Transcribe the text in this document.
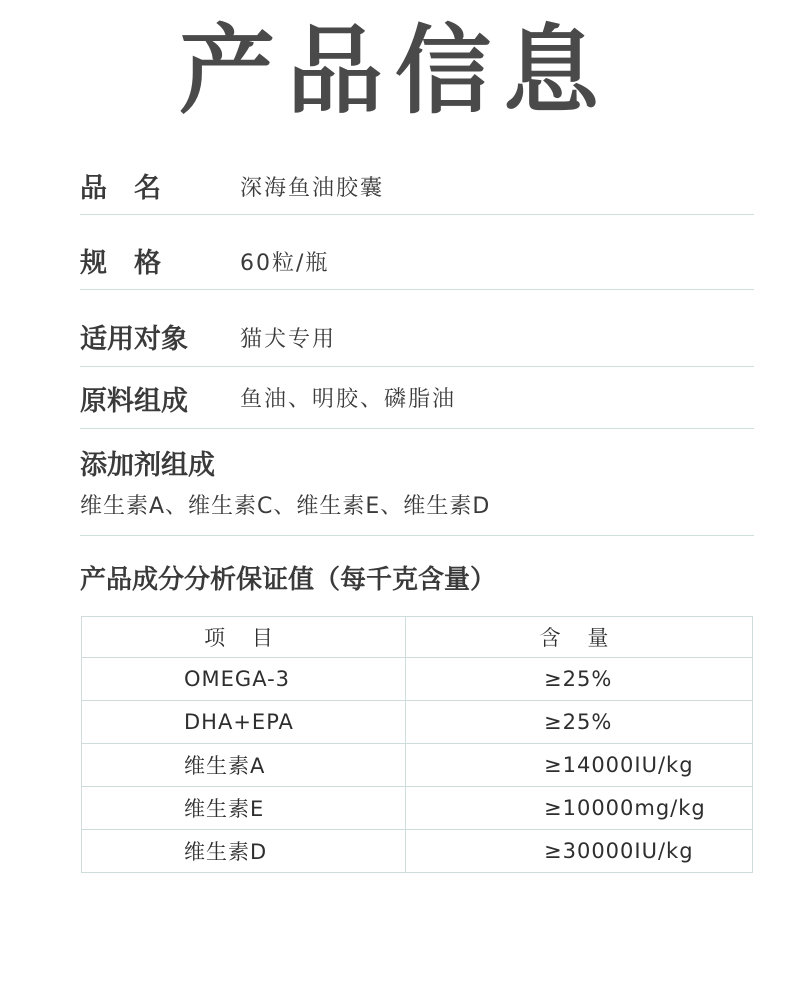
产品信息
品　名	深海鱼油胶囊
规　格	60粒/瓶
适用对象 猫犬专用
原料组成 鱼油、明胶、磷脂油
添加剂组成
维生素A、维生素C、维生素E、维生素D
产品成分分析保证值（每千克含量）
项 目	含 量
OMEGA-3	≥25%
DHA+EPA	≥25%
维生素A	≥14000IU/kg
维生素E	≥10000mg/kg
维生素D	≥30000IU/kg
